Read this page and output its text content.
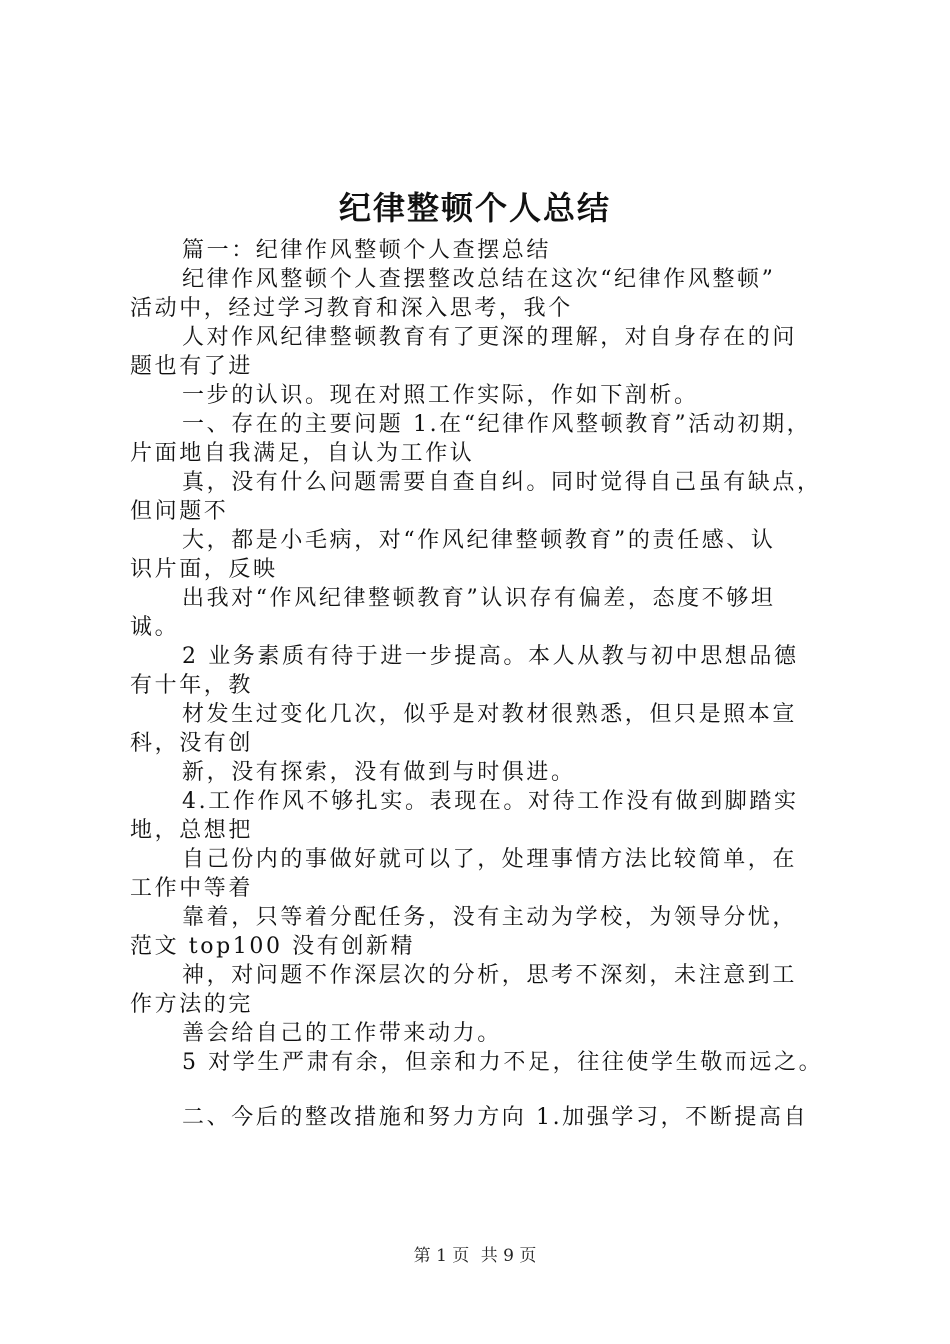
纪律整顿个人总结
篇一：纪律作风整顿个人查摆总结
纪律作风整顿个人查摆整改总结在这次“纪律作风整顿”
活动中，经过学习教育和深入思考，我个
人对作风纪律整顿教育有了更深的理解，对自身存在的问
题也有了进
一步的认识。现在对照工作实际，作如下剖析。
一、存在的主要问题 1.在“纪律作风整顿教育”活动初期，
片面地自我满足，自认为工作认
真，没有什么问题需要自查自纠。同时觉得自己虽有缺点，
但问题不
大，都是小毛病，对“作风纪律整顿教育”的责任感、认
识片面，反映
出我对“作风纪律整顿教育”认识存有偏差，态度不够坦
诚。
2 业务素质有待于进一步提高。本人从教与初中思想品德
有十年，教
材发生过变化几次，似乎是对教材很熟悉，但只是照本宣
科，没有创
新，没有探索，没有做到与时俱进。
4.工作作风不够扎实。表现在。对待工作没有做到脚踏实
地，总想把
自己份内的事做好就可以了，处理事情方法比较简单，在
工作中等着
靠着，只等着分配任务，没有主动为学校，为领导分忧，
范文 top100 没有创新精
神，对问题不作深层次的分析，思考不深刻，未注意到工
作方法的完
善会给自己的工作带来动力。
5 对学生严肃有余，但亲和力不足，往往使学生敬而远之。
二、今后的整改措施和努力方向 1.加强学习，不断提高自
第 1 页 共 9 页
